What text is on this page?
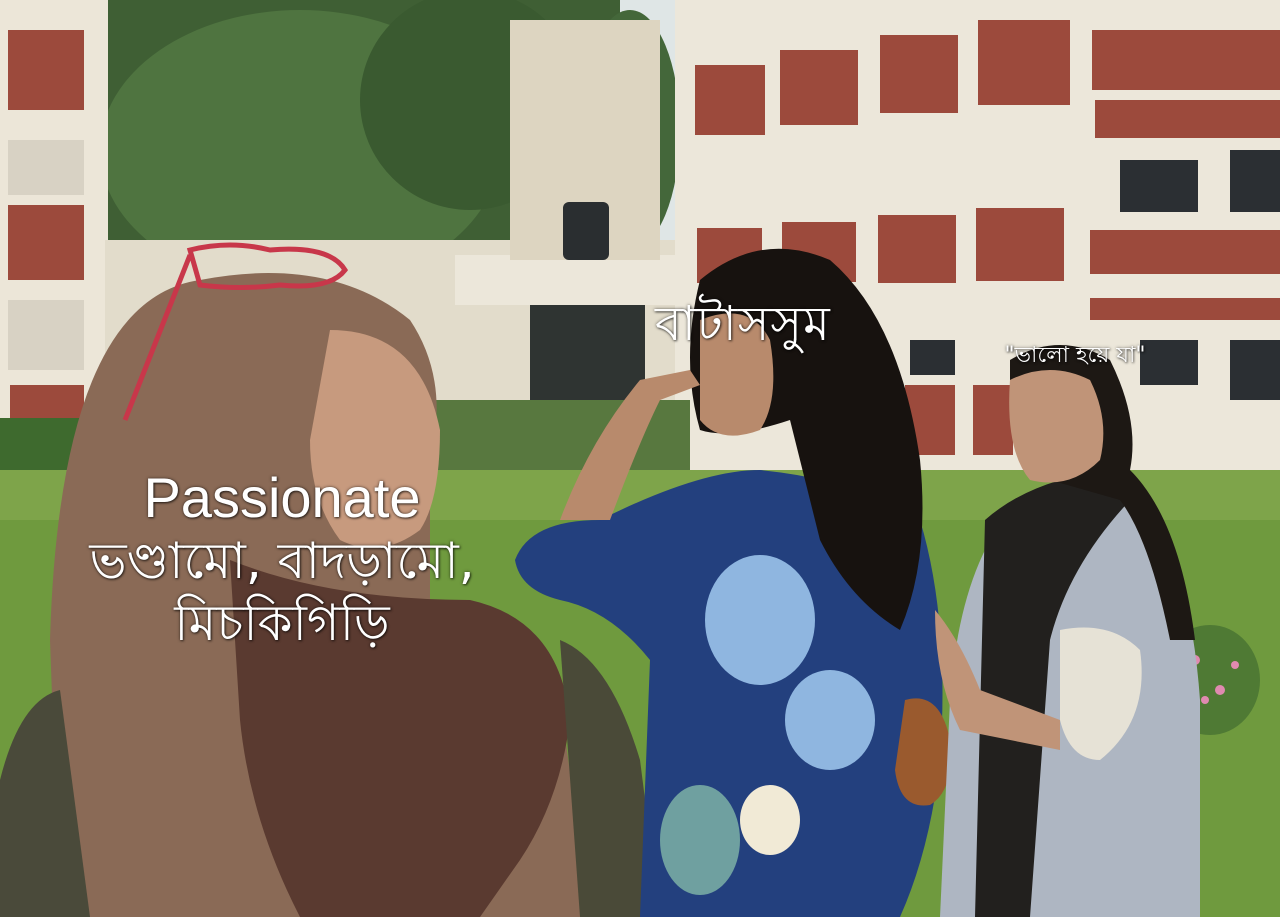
বাটাসসুম
"ভালো হয়ে যা"
Passionate
ভণ্ডামো, বাদড়ামো,
মিচকিগিড়ি
